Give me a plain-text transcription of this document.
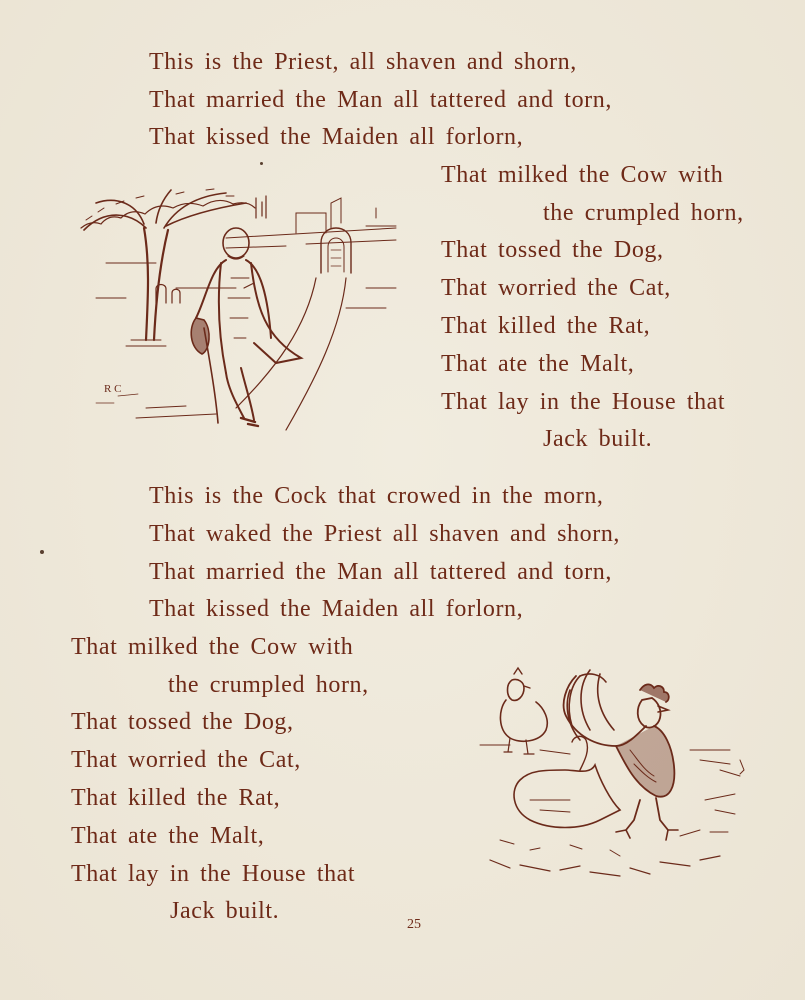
This is the Priest, all shaven and shorn,
That married the Man all tattered and torn,
That kissed the Maiden all forlorn,
That milked the Cow with
the crumpled horn,
That tossed the Dog,
That worried the Cat,
That killed the Rat,
That ate the Malt,
That lay in the House that
Jack built.
R C
This is the Cock that crowed in the morn,
That waked the Priest all shaven and shorn,
That married the Man all tattered and torn,
That kissed the Maiden all forlorn,
That milked the Cow with
the crumpled horn,
That tossed the Dog,
That worried the Cat,
That killed the Rat,
That ate the Malt,
That lay in the House that
Jack built.
25
